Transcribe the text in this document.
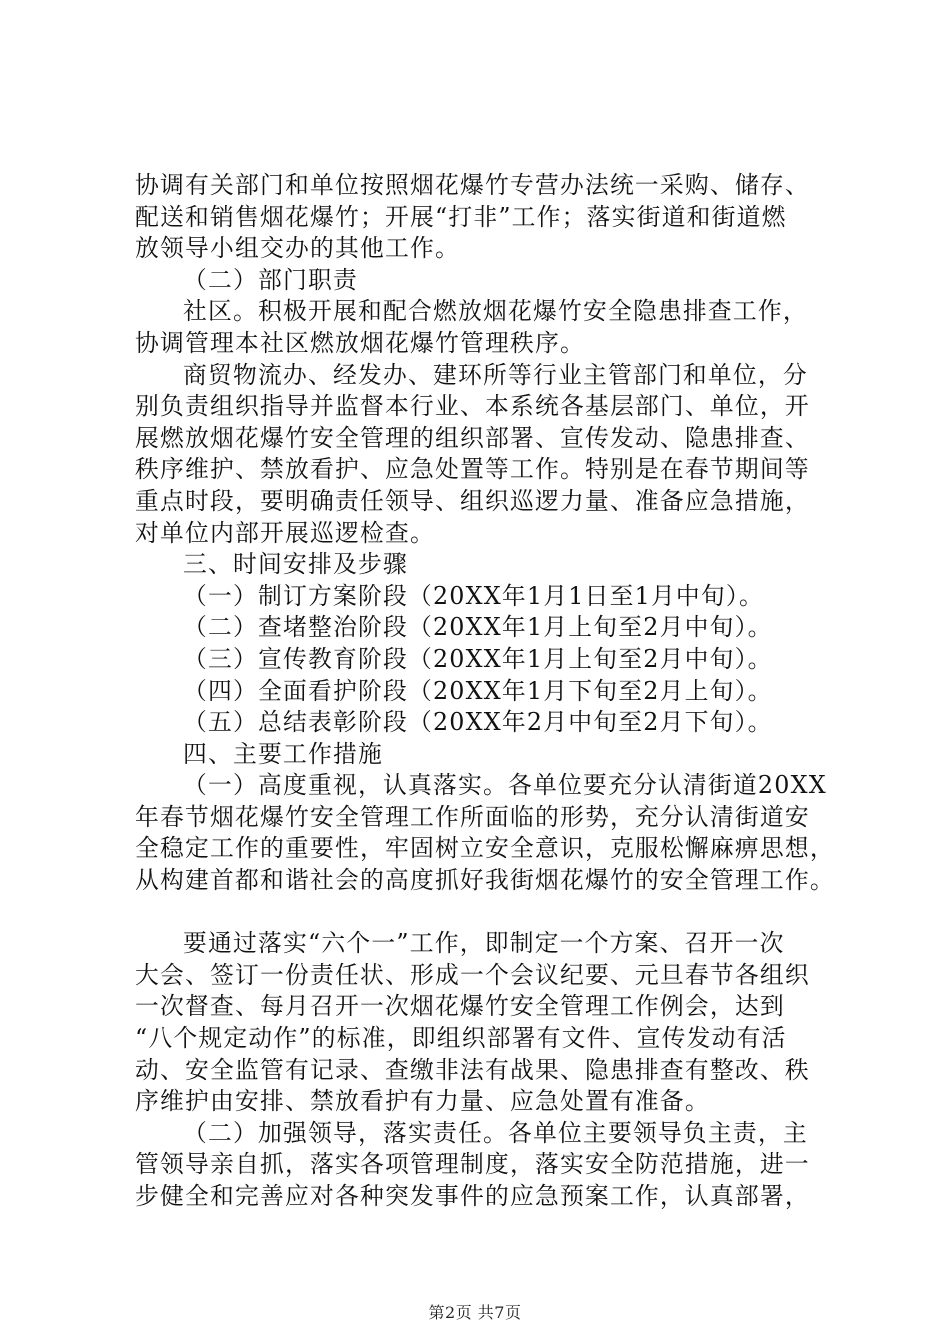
协调有关部门和单位按照烟花爆竹专营办法统一采购、储存、
配送和销售烟花爆竹；开展“打非”工作；落实街道和街道燃
放领导小组交办的其他工作。
（二）部门职责
社区。积极开展和配合燃放烟花爆竹安全隐患排查工作，
协调管理本社区燃放烟花爆竹管理秩序。
商贸物流办、经发办、建环所等行业主管部门和单位，分
别负责组织指导并监督本行业、本系统各基层部门、单位，开
展燃放烟花爆竹安全管理的组织部署、宣传发动、隐患排查、
秩序维护、禁放看护、应急处置等工作。特别是在春节期间等
重点时段，要明确责任领导、组织巡逻力量、准备应急措施，
对单位内部开展巡逻检查。
三、时间安排及步骤
（一）制订方案阶段（20XX年1月1日至1月中旬）。
（二）查堵整治阶段（20XX年1月上旬至2月中旬）。
（三）宣传教育阶段（20XX年1月上旬至2月中旬）。
（四）全面看护阶段（20XX年1月下旬至2月上旬）。
（五）总结表彰阶段（20XX年2月中旬至2月下旬）。
四、主要工作措施
（一）高度重视，认真落实。各单位要充分认清街道20XX
年春节烟花爆竹安全管理工作所面临的形势，充分认清街道安
全稳定工作的重要性，牢固树立安全意识，克服松懈麻痹思想，
从构建首都和谐社会的高度抓好我街烟花爆竹的安全管理工作。
要通过落实“六个一”工作，即制定一个方案、召开一次
大会、签订一份责任状、形成一个会议纪要、元旦春节各组织
一次督查、每月召开一次烟花爆竹安全管理工作例会，达到
“八个规定动作”的标准，即组织部署有文件、宣传发动有活
动、安全监管有记录、查缴非法有战果、隐患排查有整改、秩
序维护由安排、禁放看护有力量、应急处置有准备。
（二）加强领导，落实责任。各单位主要领导负主责，主
管领导亲自抓，落实各项管理制度，落实安全防范措施，进一
步健全和完善应对各种突发事件的应急预案工作，认真部署，
第2页 共7页
